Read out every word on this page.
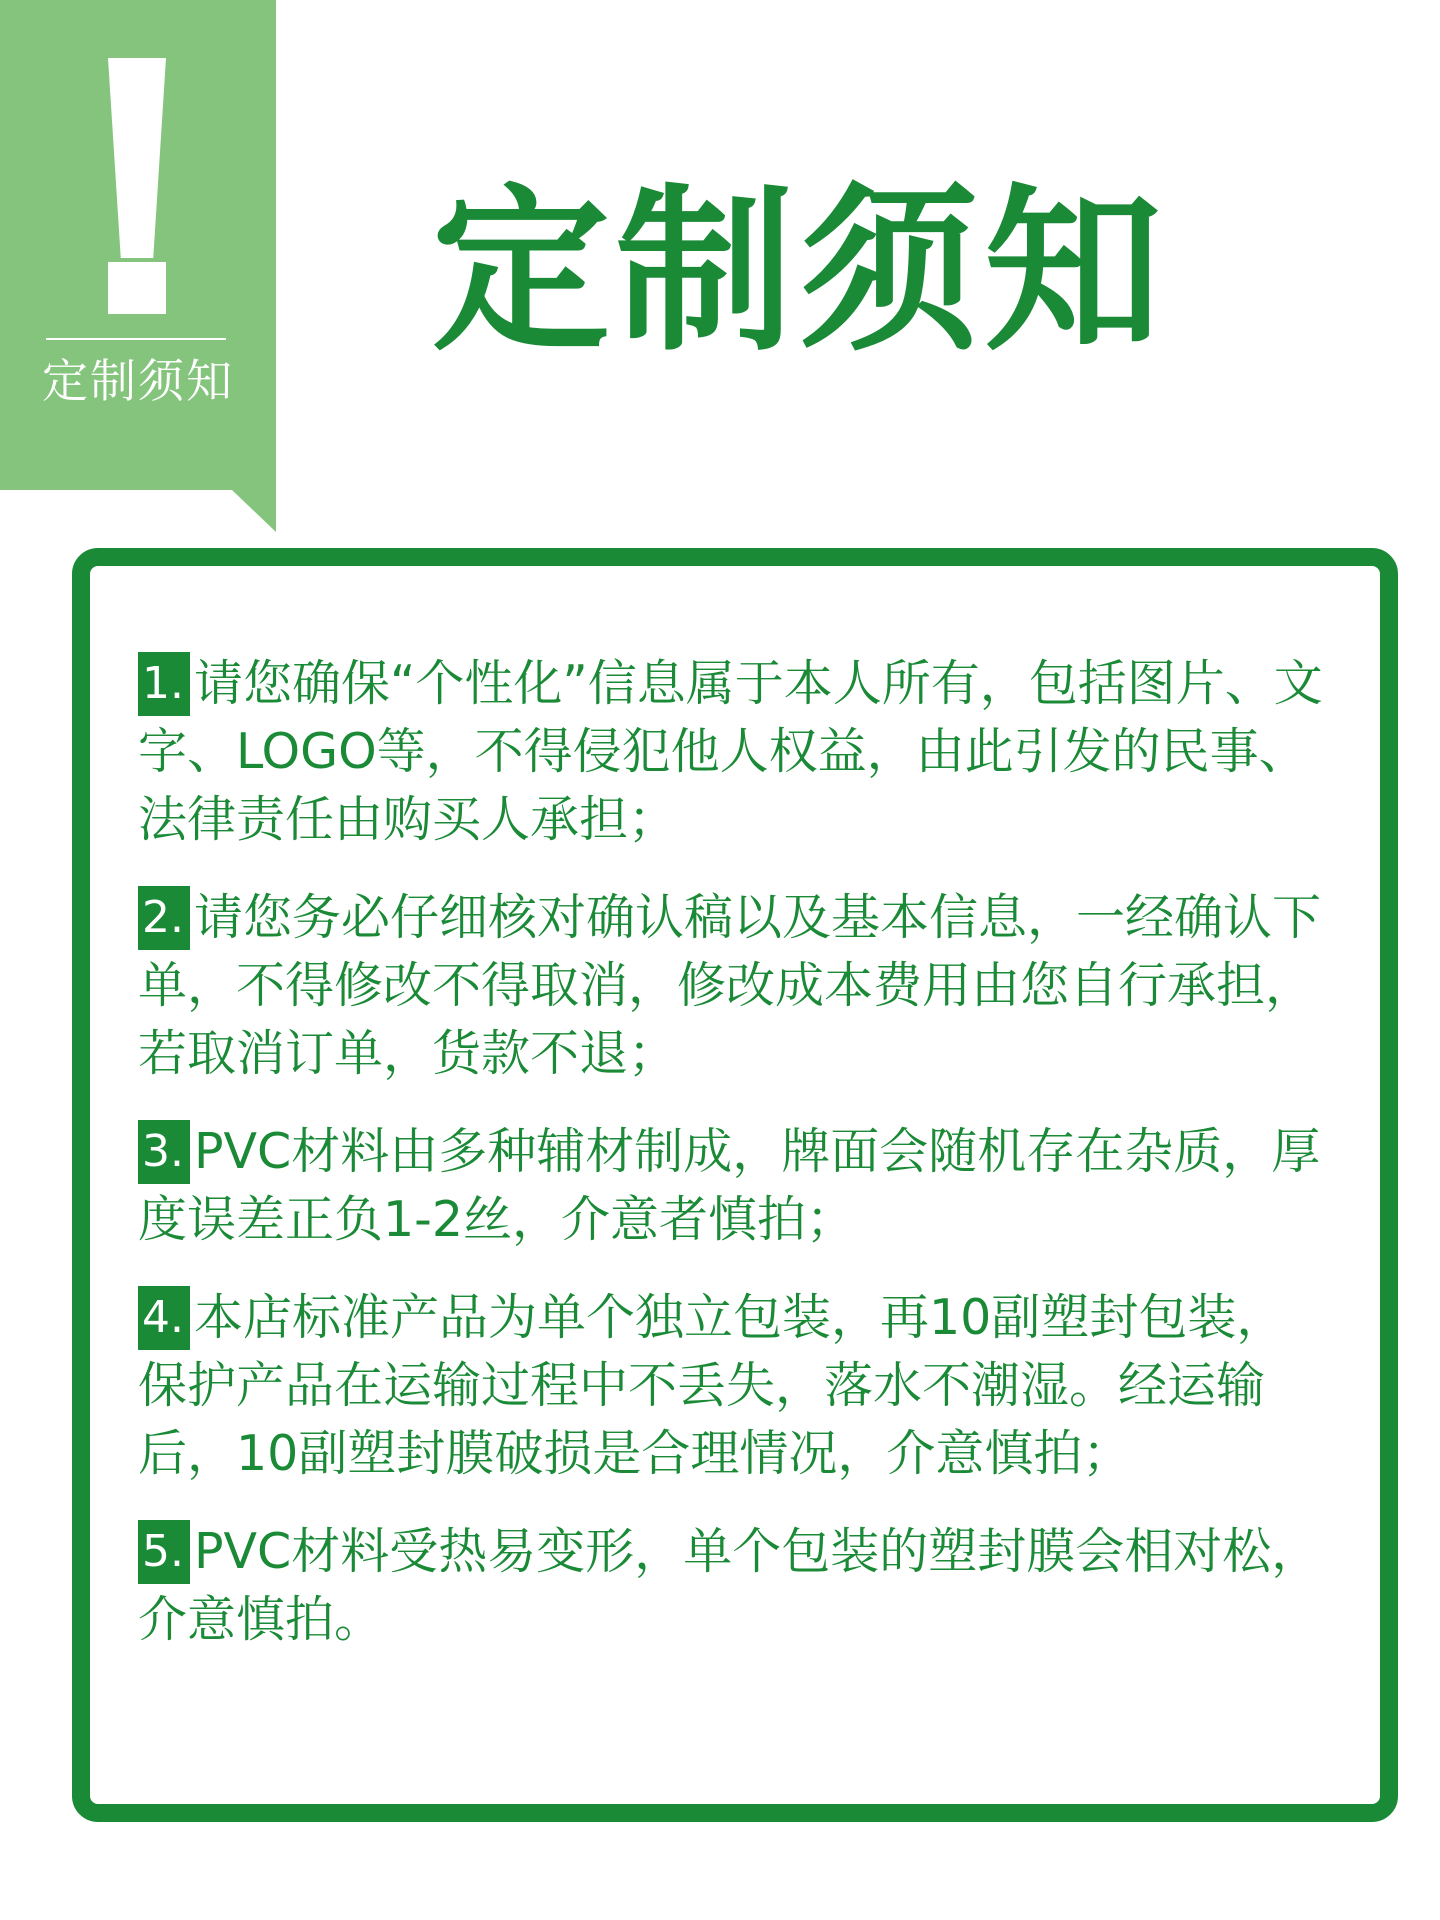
定制须知
定制须知
1. 请您确保“个性化”信息属于本人所有，包括图片、文字、LOGO等，不得侵犯他人权益，由此引发的民事、法律责任由购买人承担；
2. 请您务必仔细核对确认稿以及基本信息，一经确认下单，不得修改不得取消，修改成本费用由您自行承担，若取消订单，货款不退；
3. PVC材料由多种辅材制成，牌面会随机存在杂质，厚度误差正负1-2丝，介意者慎拍；
4. 本店标准产品为单个独立包装，再10副塑封包装，保护产品在运输过程中不丢失，落水不潮湿。经运输后，10副塑封膜破损是合理情况，介意慎拍；
5. PVC材料受热易变形，单个包装的塑封膜会相对松，介意慎拍。
